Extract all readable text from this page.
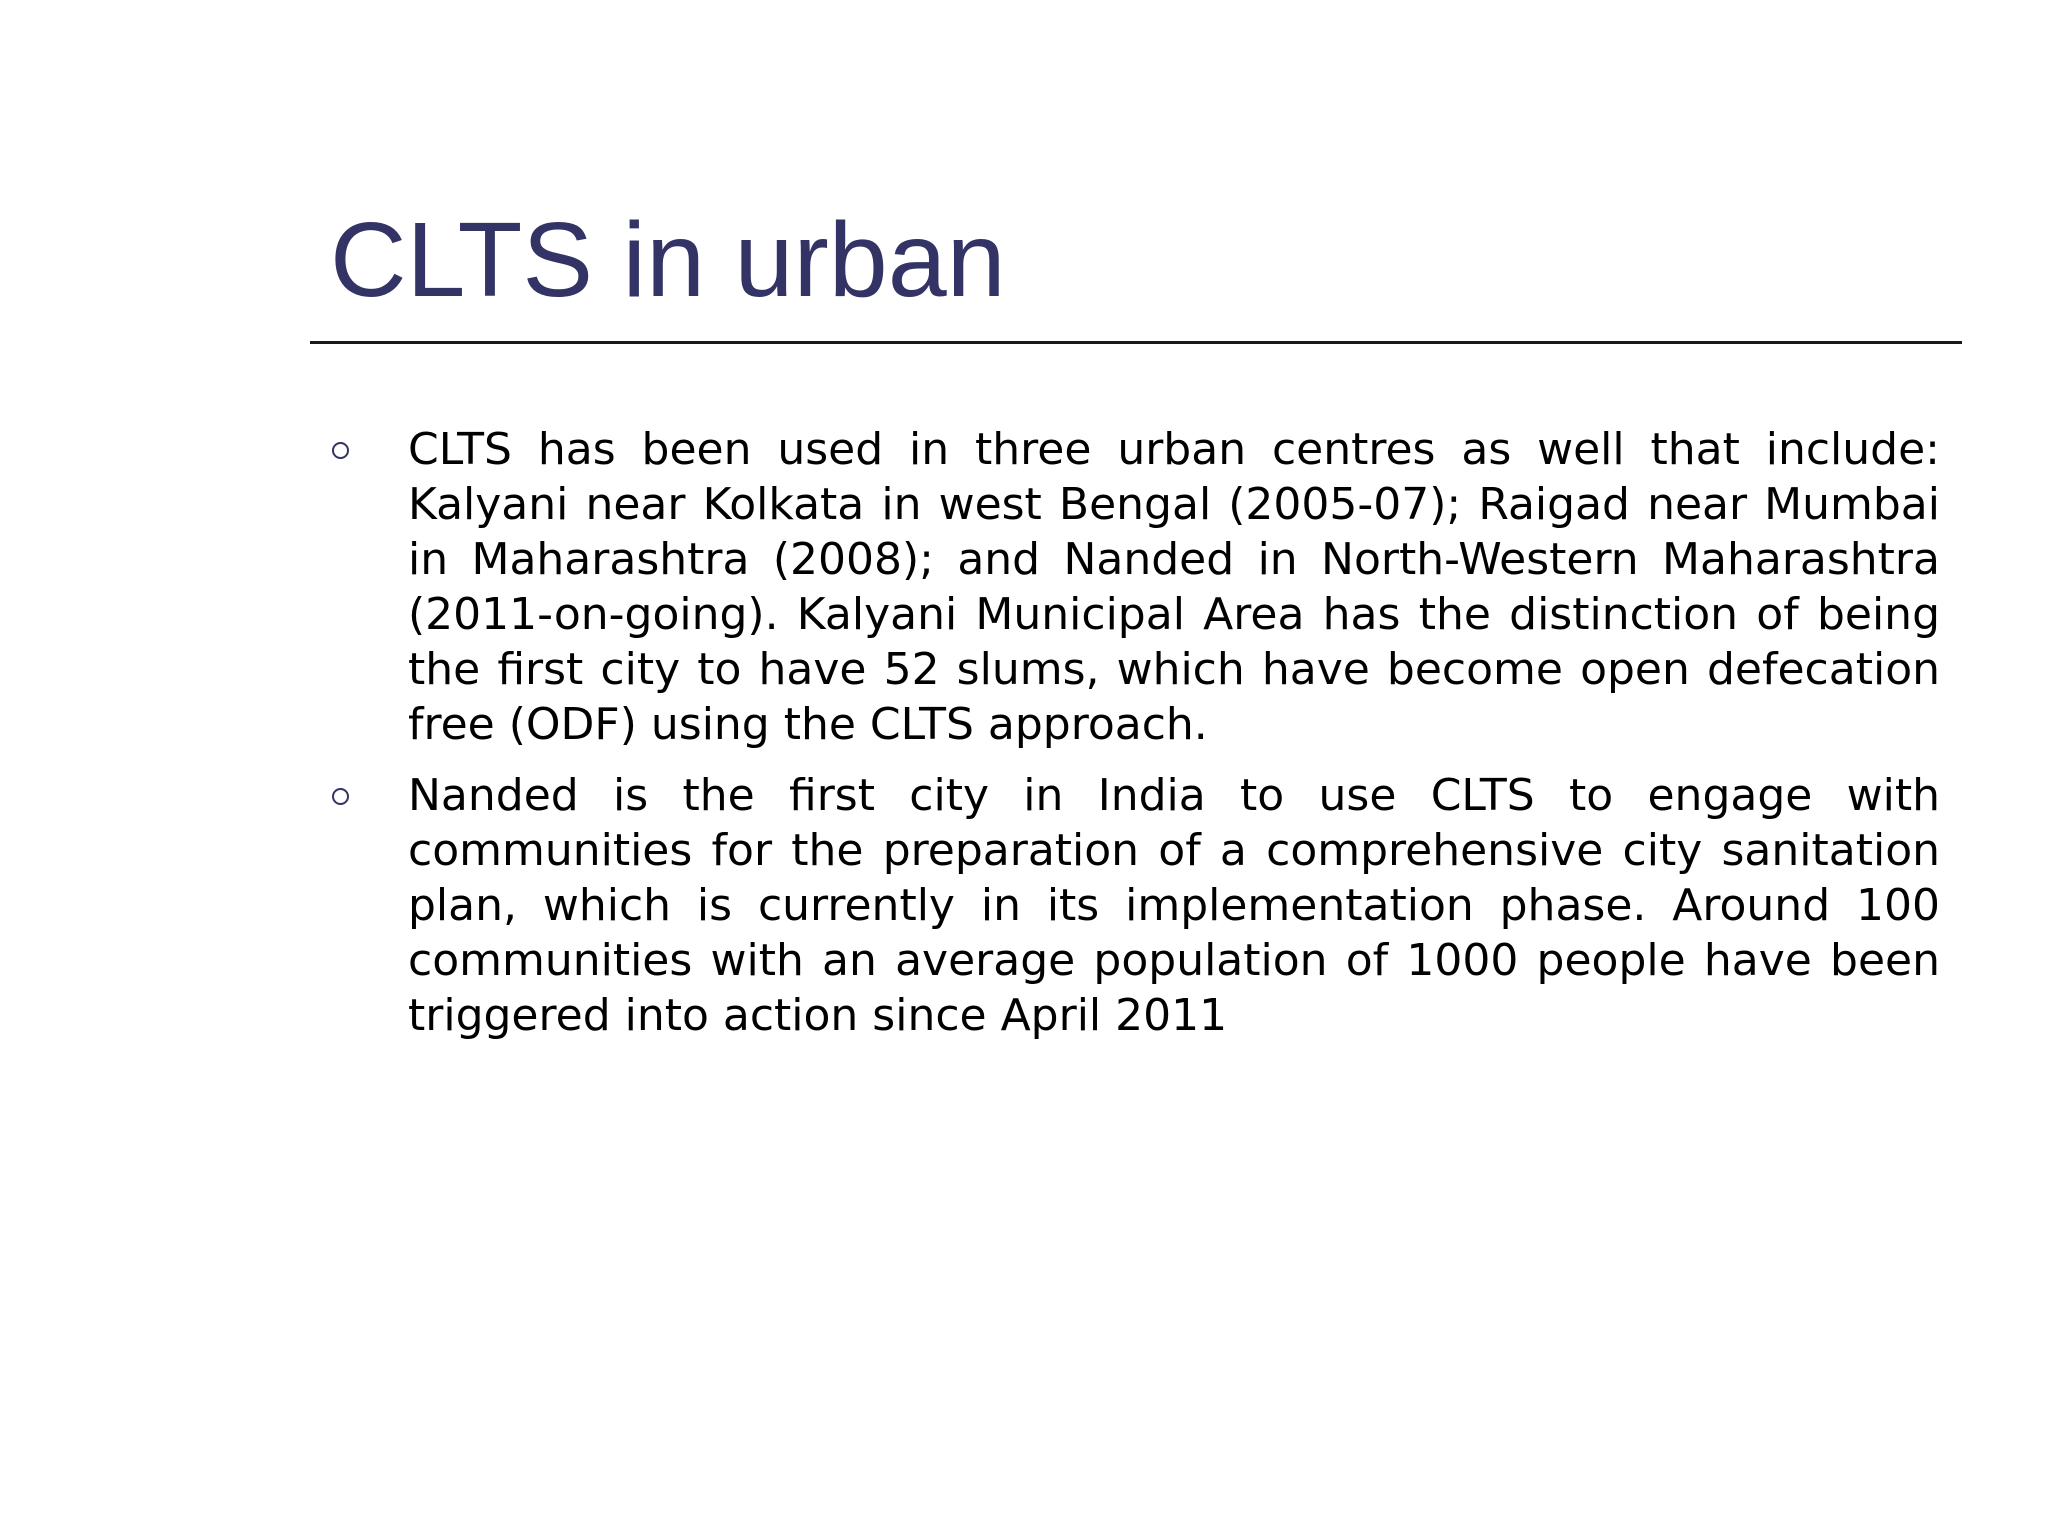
CLTS in urban
CLTS has been used in three urban centres as well that include: Kalyani near Kolkata in west Bengal (2005-07); Raigad near Mumbai in Maharashtra (2008); and Nanded in North-Western Maharashtra (2011-on-going). Kalyani Municipal Area has the distinction of being the first city to have 52 slums, which have become open defecation free (ODF) using the CLTS approach.
Nanded is the first city in India to use CLTS to engage with communities for the preparation of a comprehensive city sanitation plan, which is currently in its implementation phase. Around 100 communities with an average population of 1000 people have been triggered into action since April 2011
